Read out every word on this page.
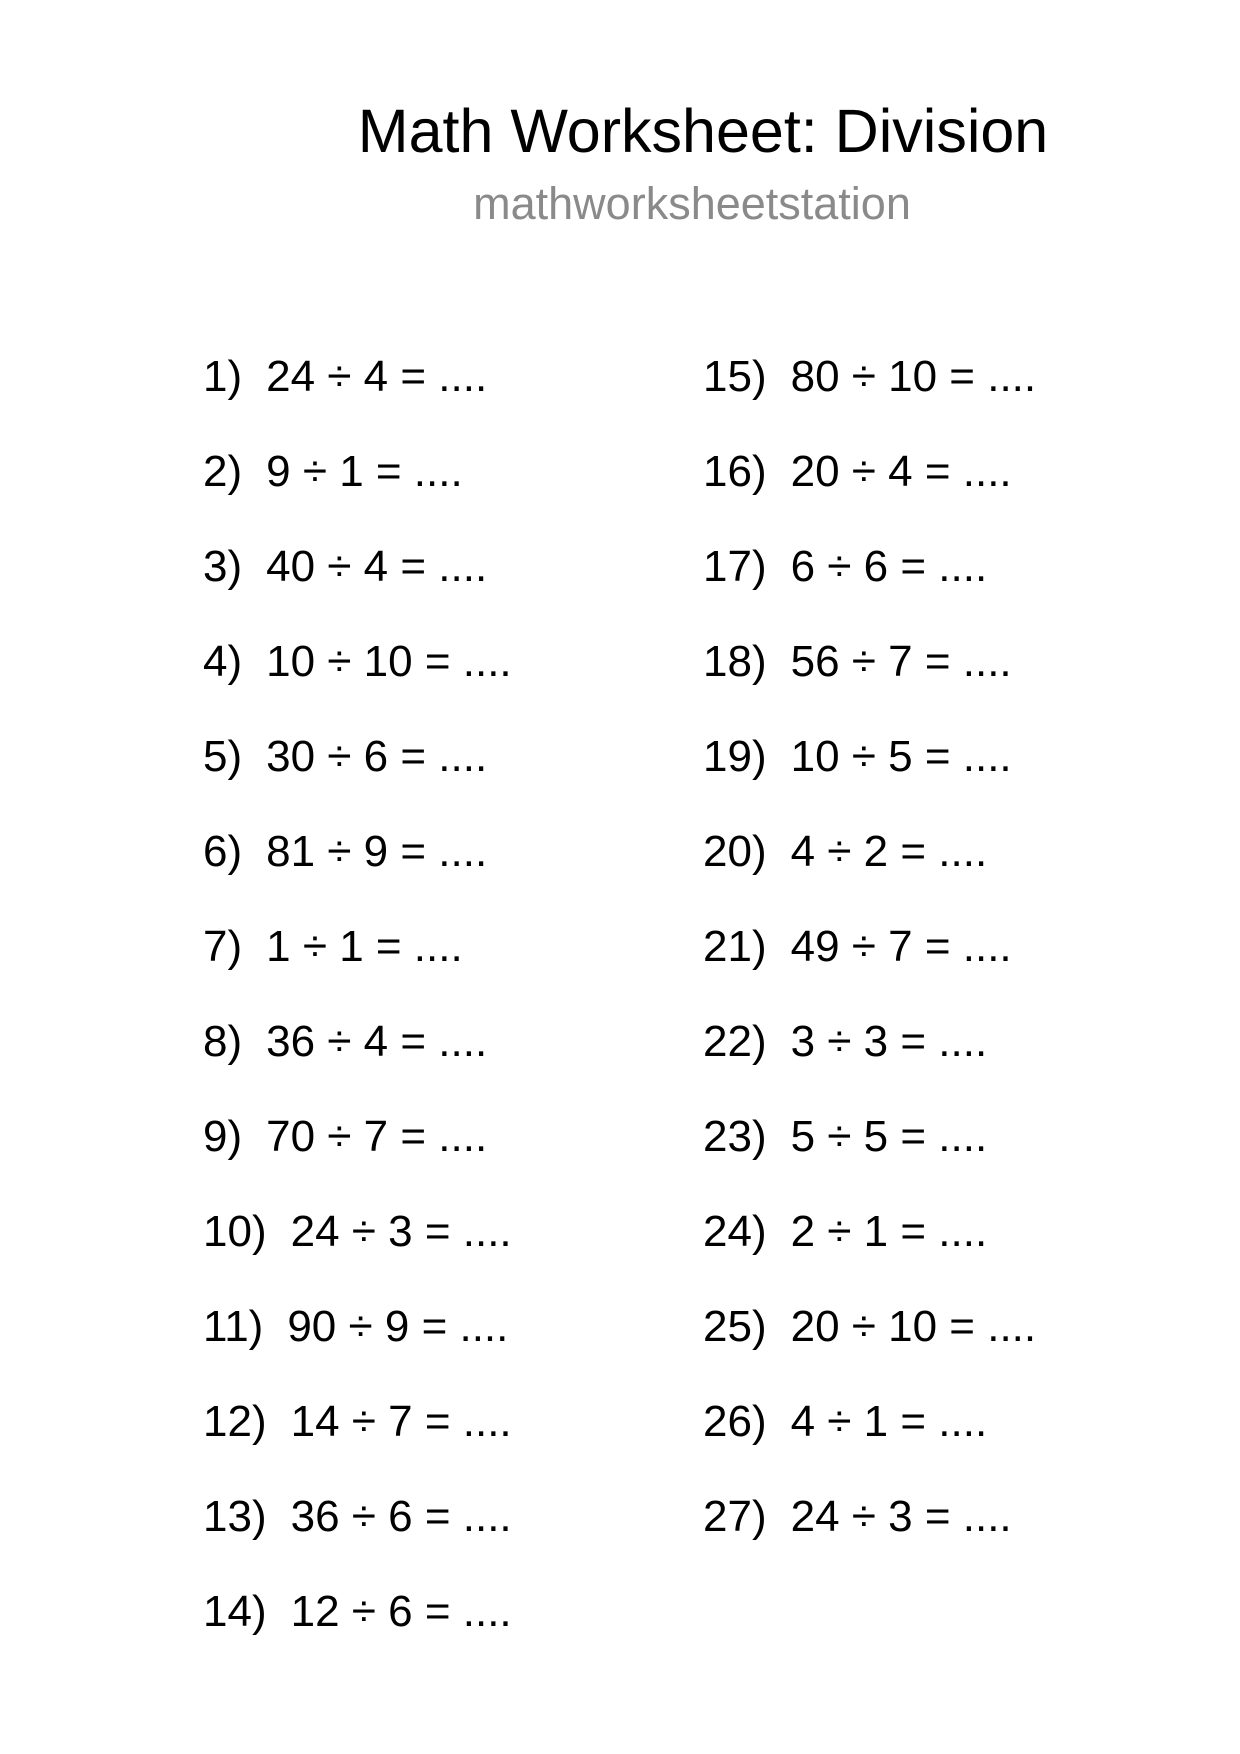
Math Worksheet: Division
mathworksheetstation
1) 24 ÷ 4 = ....
2) 9 ÷ 1 = ....
3) 40 ÷ 4 = ....
4) 10 ÷ 10 = ....
5) 30 ÷ 6 = ....
6) 81 ÷ 9 = ....
7) 1 ÷ 1 = ....
8) 36 ÷ 4 = ....
9) 70 ÷ 7 = ....
10) 24 ÷ 3 = ....
11) 90 ÷ 9 = ....
12) 14 ÷ 7 = ....
13) 36 ÷ 6 = ....
14) 12 ÷ 6 = ....
15) 80 ÷ 10 = ....
16) 20 ÷ 4 = ....
17) 6 ÷ 6 = ....
18) 56 ÷ 7 = ....
19) 10 ÷ 5 = ....
20) 4 ÷ 2 = ....
21) 49 ÷ 7 = ....
22) 3 ÷ 3 = ....
23) 5 ÷ 5 = ....
24) 2 ÷ 1 = ....
25) 20 ÷ 10 = ....
26) 4 ÷ 1 = ....
27) 24 ÷ 3 = ....
